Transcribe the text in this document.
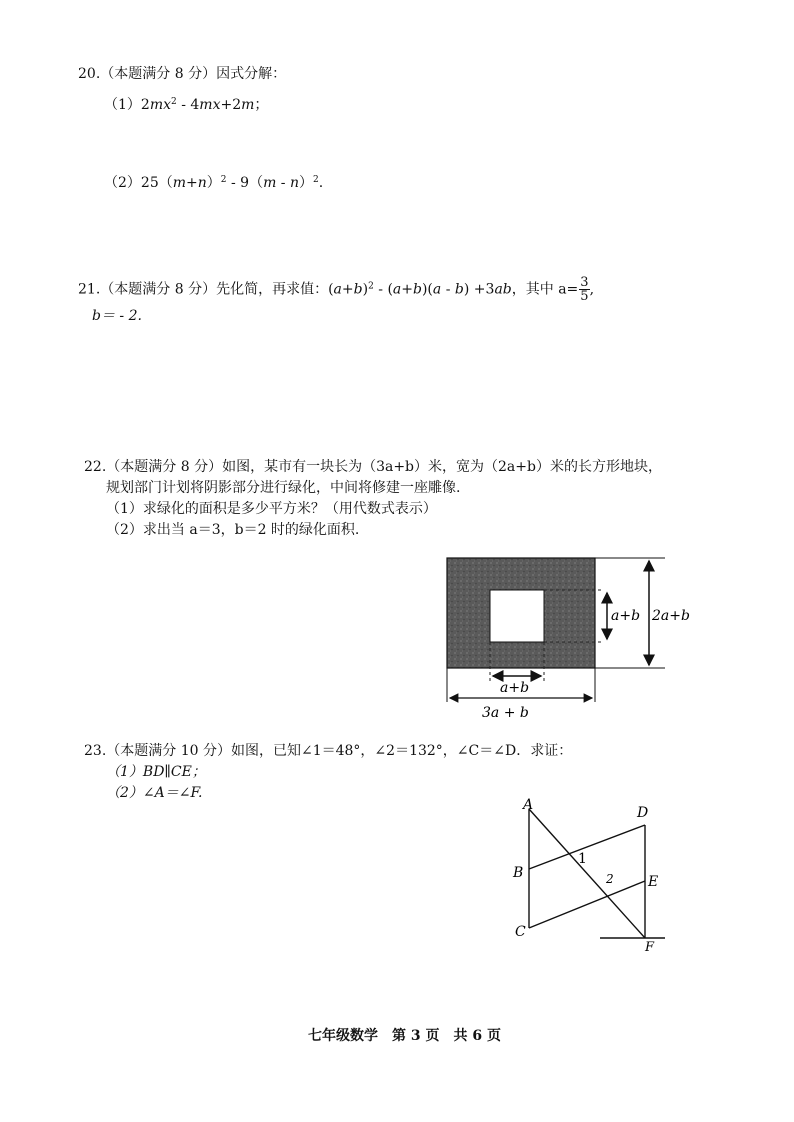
20.（本题满分 8 分）因式分解：
$(1)2mx^2 - 4mx+2m$；
$(2)25(m+n)^2 - 9(m - n)^2$.
21.（本题满分 8 分）先化简，再求值：$(a+b)^2 - (a+b)(a - b) +3ab$，其中 $a= \frac{3}{5}$ ,
b＝ - 2.
22.（本题满分 8 分）如图，某市有一块长为（3a+b）米，宽为（2a+b）米的长方形地块，
规划部门计划将阴影部分进行绿化，中间将修建一座雕像.
（1）求绿化的面积是多少平方米？（用代数式表示）
（2）求出当 a＝3，b＝2 时的绿化面积.
a+b 2a+b
a+b
3a + b
23.（本题满分 10 分）如图，已知∠1＝48°，∠2＝132°，∠C＝∠D．求证：
（1）BD∥CE；
（2）∠A＝∠F.
A
B
C
D
E
F
1
2
七年级数学　第 3 页　共 6 页
